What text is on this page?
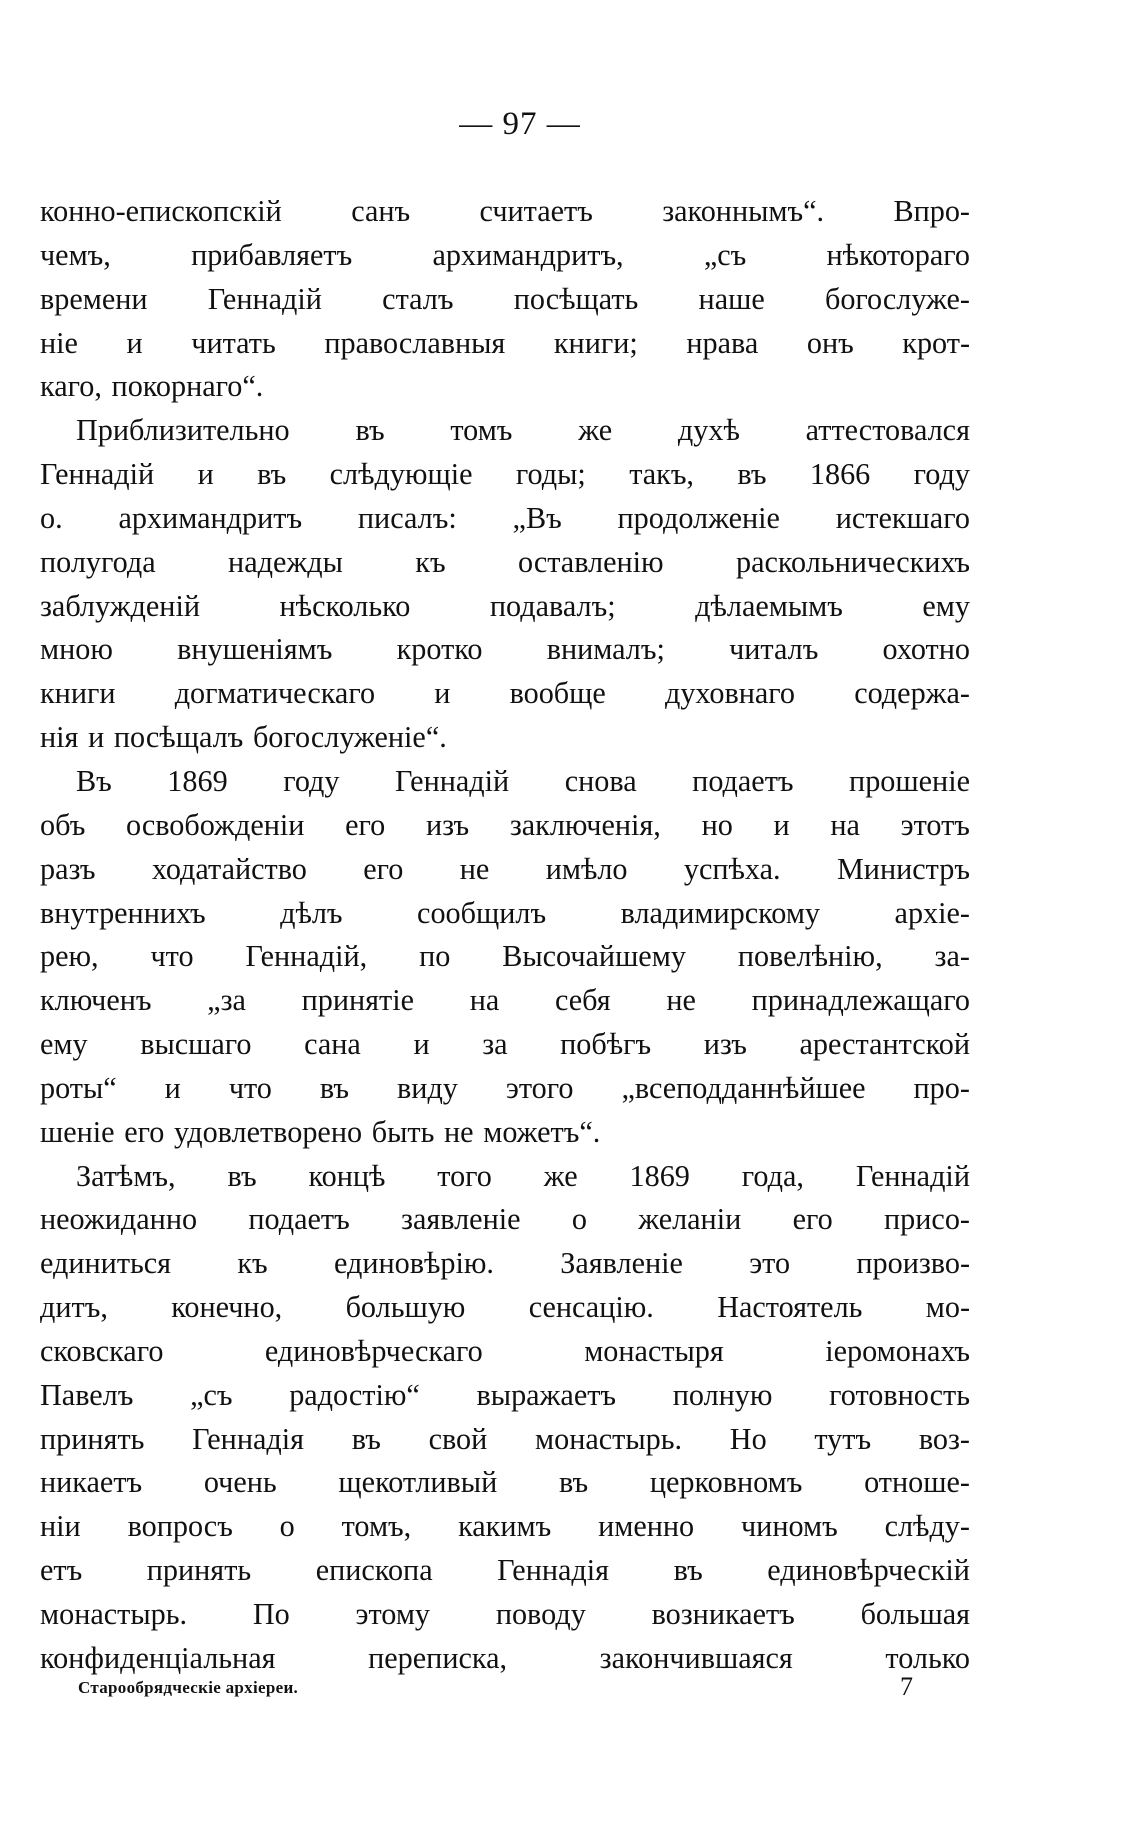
— 97 —
конно-епископскій санъ считаетъ законнымъ“. Впро-
чемъ,	прибавляетъ	архимандритъ,	„съ	нѣкотораго
времени Геннадій сталъ посѣщать наше богослуже-
ніе и читать православныя книги; нрава онъ крот-
каго, покорнаго“.
Приблизительно въ томъ же духѣ аттестовался
Геннадій и въ слѣдующіе годы; такъ, въ 1866 году
о. архимандритъ писалъ: „Въ продолженіе истекшаго
полугода надежды къ оставленію раскольническихъ
заблужденій	нѣсколько	подавалъ;	дѣлаемымъ	ему
мною внушеніямъ кротко внималъ; читалъ охотно
книги догматическаго и вообще духовнаго содержа-
нія и посѣщалъ богослуженіе“.
Въ 1869 году Геннадій снова подаетъ прошеніе
объ освобожденіи его изъ заключенія, но и на этотъ
разъ ходатайство его не имѣло успѣха. Министръ
внутреннихъ дѣлъ сообщилъ владимирскому архіе-
рею, что Геннадій, по Высочайшему повелѣнію, за-
ключенъ „за принятіе на себя не принадлежащаго
ему высшаго сана и за побѣгъ изъ арестантской
роты“ и что въ виду этого „всеподданнѣйшее про-
шеніе его удовлетворено быть не можетъ“.
Затѣмъ, въ концѣ того же 1869 года, Геннадій
неожиданно подаетъ заявленіе о желаніи его присо-
единиться къ единовѣрію. Заявленіе это произво-
дитъ, конечно, большую сенсацію. Настоятель мо-
сковскаго	единовѣрческаго	монастыря	іеромонахъ
Павелъ „съ радостію“ выражаетъ полную готовность
принять Геннадія въ свой монастырь. Но тутъ воз-
никаетъ очень щекотливый въ церковномъ отноше-
ніи вопросъ о томъ, какимъ именно чиномъ слѣду-
етъ принять епископа Геннадія въ единовѣрческій
монастырь. По этому поводу возникаетъ большая
конфиденціальная	переписка,	закончившаяся	только
Старообрядческіе архіереи.	7
